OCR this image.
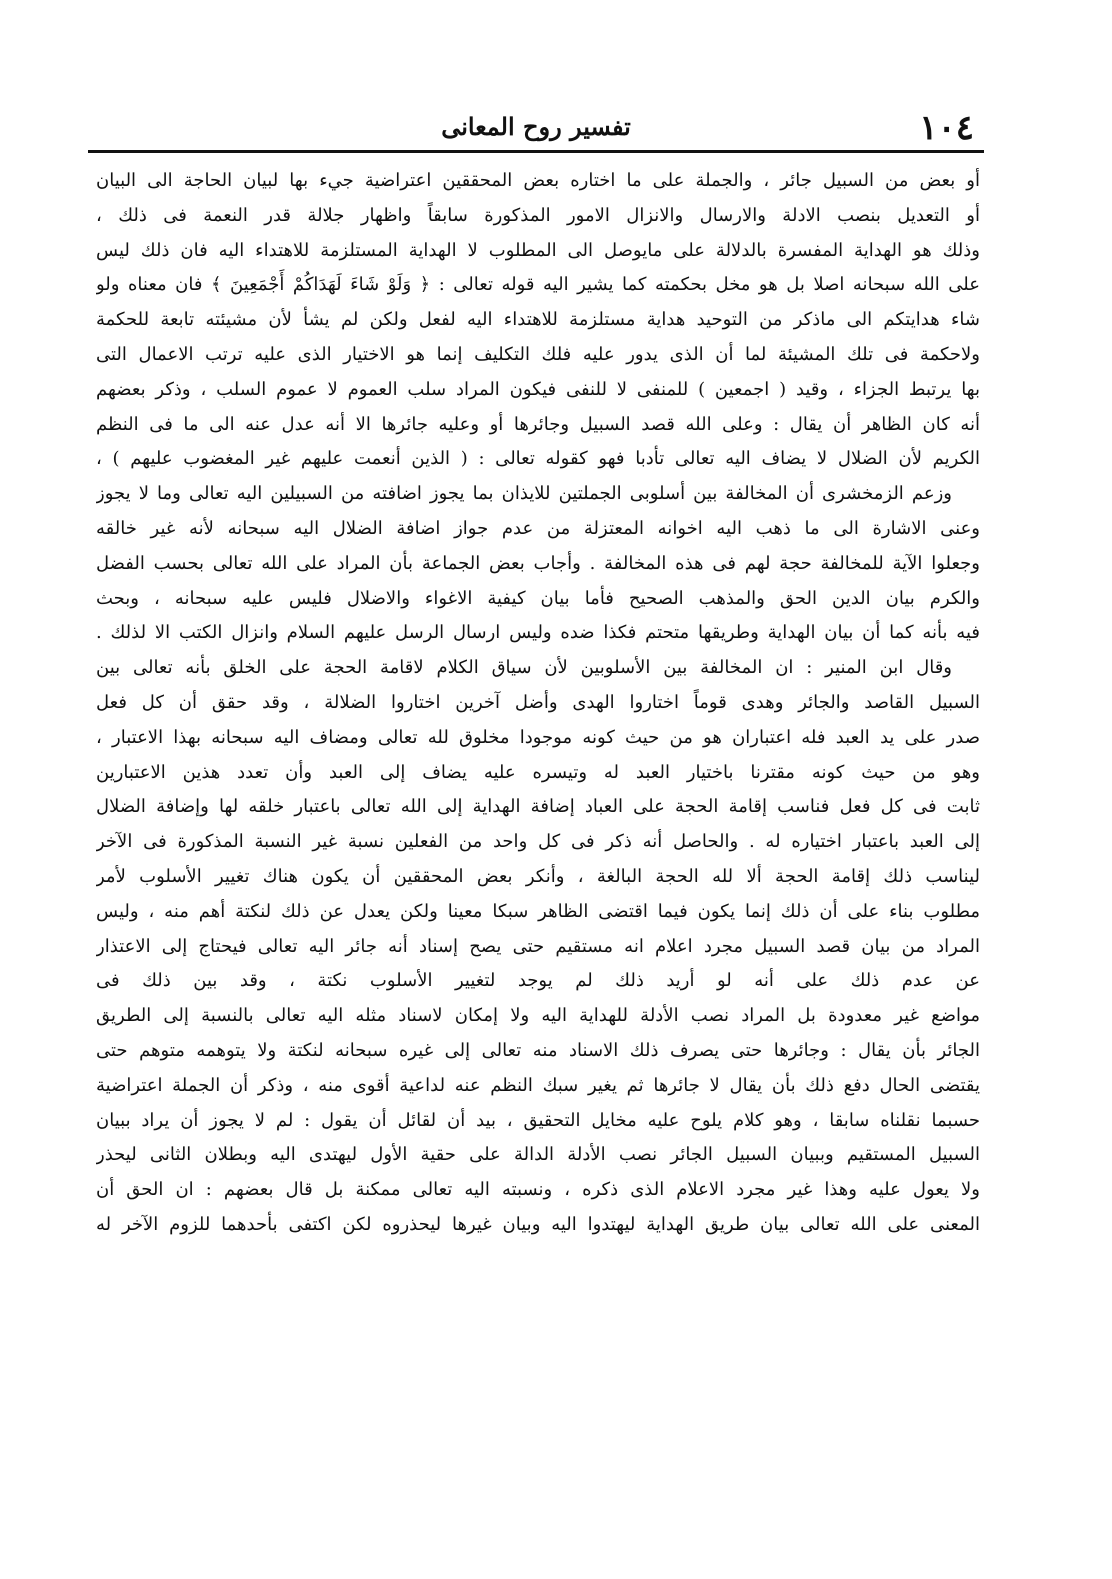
تفسير روح المعانى	١٠٤
أو بعض من السبيل جائر ، والجملة على ما اختاره بعض المحققين اعتراضية جيء بها لبيان الحاجة الى البيان
أو التعديل بنصب الادلة والارسال والانزال الامور المذكورة سابقاً واظهار جلالة قدر النعمة فى ذلك ،
وذلك هو الهداية المفسرة بالدلالة على مايوصل الى المطلوب لا الهداية المستلزمة للاهتداء اليه فان ذلك ليس
على الله سبحانه اصلا بل هو مخل بحكمته كما يشير اليه قوله تعالى : ﴿ وَلَوْ شَاءَ لَهَدَاكُمْ أَجْمَعِينَ ﴾ فان معناه ولو
شاء هدايتكم الى ماذكر من التوحيد هداية مستلزمة للاهتداء اليه لفعل ولكن لم يشأ لأن مشيئته تابعة للحكمة
ولاحكمة فى تلك المشيئة لما أن الذى يدور عليه فلك التكليف إنما هو الاختيار الذى عليه ترتب الاعمال التى
بها يرتبط الجزاء ، وقيد ( اجمعين ) للمنفى لا للنفى فيكون المراد سلب العموم لا عموم السلب ، وذكر بعضهم
أنه كان الظاهر أن يقال : وعلى الله قصد السبيل وجائرها أو وعليه جائرها الا أنه عدل عنه الى ما فى النظم
الكريم لأن الضلال لا يضاف اليه تعالى تأدبا فهو كقوله تعالى : ( الذين أنعمت عليهم غير المغضوب عليهم ) ،
وزعم الزمخشرى أن المخالفة بين أسلوبى الجملتين للايذان بما يجوز اضافته من السبيلين اليه تعالى وما لا يجوز
وعنى الاشارة الى ما ذهب اليه اخوانه المعتزلة من عدم جواز اضافة الضلال اليه سبحانه لأنه غير خالقه
وجعلوا الآية للمخالفة حجة لهم فى هذه المخالفة . وأجاب بعض الجماعة بأن المراد على الله تعالى بحسب الفضل
والكرم بيان الدين الحق والمذهب الصحيح فأما بيان كيفية الاغواء والاضلال فليس عليه سبحانه ، وبحث
فيه بأنه كما أن بيان الهداية وطريقها متحتم فكذا ضده وليس ارسال الرسل عليهم السلام وانزال الكتب الا لذلك .
وقال ابن المنير : ان المخالفة بين الأسلوبين لأن سياق الكلام لاقامة الحجة على الخلق بأنه تعالى بين
السبيل القاصد والجائر وهدى قوماً اختاروا الهدى وأضل آخرين اختاروا الضلالة ، وقد حقق أن كل فعل
صدر على يد العبد فله اعتباران هو من حيث كونه موجودا مخلوق لله تعالى ومضاف اليه سبحانه بهذا الاعتبار ،
وهو من حيث كونه مقترنا باختيار العبد له وتيسره عليه يضاف إلى العبد وأن تعدد هذين الاعتبارين
ثابت فى كل فعل فناسب إقامة الحجة على العباد إضافة الهداية إلى الله تعالى باعتبار خلقه لها وإضافة الضلال
إلى العبد باعتبار اختياره له . والحاصل أنه ذكر فى كل واحد من الفعلين نسبة غير النسبة المذكورة فى الآخر
ليناسب ذلك إقامة الحجة ألا لله الحجة البالغة ، وأنكر بعض المحققين أن يكون هناك تغيير الأسلوب لأمر
مطلوب بناء على أن ذلك إنما يكون فيما اقتضى الظاهر سبكا معينا ولكن يعدل عن ذلك لنكتة أهم منه ، وليس
المراد من بيان قصد السبيل مجرد اعلام انه مستقيم حتى يصح إسناد أنه جائر اليه تعالى فيحتاج إلى الاعتذار
عن عدم ذلك على أنه لو أريد ذلك لم يوجد لتغيير الأسلوب نكتة ، وقد بين ذلك فى
مواضع غير معدودة بل المراد نصب الأدلة للهداية اليه ولا إمكان لاسناد مثله اليه تعالى بالنسبة إلى الطريق
الجائر بأن يقال : وجائرها حتى يصرف ذلك الاسناد منه تعالى إلى غيره سبحانه لنكتة ولا يتوهمه متوهم حتى
يقتضى الحال دفع ذلك بأن يقال لا جائرها ثم يغير سبك النظم عنه لداعية أقوى منه ، وذكر أن الجملة اعتراضية
حسبما نقلناه سابقا ، وهو كلام يلوح عليه مخايل التحقيق ، بيد أن لقائل أن يقول : لم لا يجوز أن يراد ببيان
السبيل المستقيم وببيان السبيل الجائر نصب الأدلة الدالة على حقية الأول ليهتدى اليه وبطلان الثانى ليحذر
ولا يعول عليه وهذا غير مجرد الاعلام الذى ذكره ، ونسبته اليه تعالى ممكنة بل قال بعضهم : ان الحق أن
المعنى على الله تعالى بيان طريق الهداية ليهتدوا اليه وبيان غيرها ليحذروه لكن اكتفى بأحدهما للزوم الآخر له
